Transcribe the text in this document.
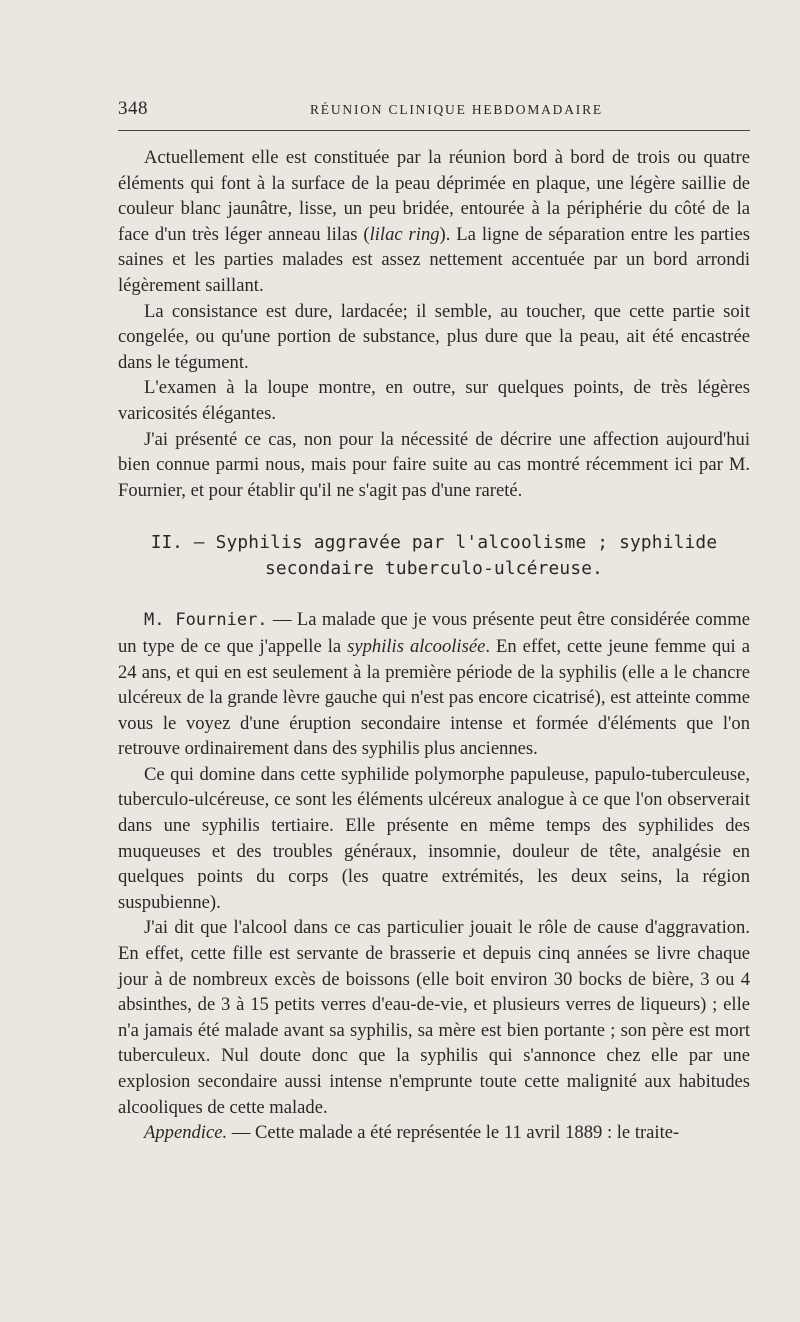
348	RÉUNION CLINIQUE HEBDOMADAIRE

Actuellement elle est constituée par la réunion bord à bord de trois ou quatre éléments qui font à la surface de la peau déprimée en plaque, une légère saillie de couleur blanc jaunâtre, lisse, un peu bridée, entourée à la périphérie du côté de la face d'un très léger anneau lilas (lilac ring). La ligne de séparation entre les parties saines et les parties malades est assez nettement accentuée par un bord arrondi légèrement saillant.

La consistance est dure, lardacée; il semble, au toucher, que cette partie soit congelée, ou qu'une portion de substance, plus dure que la peau, ait été encastrée dans le tégument.

L'examen à la loupe montre, en outre, sur quelques points, de très légères varicosités élégantes.

J'ai présenté ce cas, non pour la nécessité de décrire une affection aujourd'hui bien connue parmi nous, mais pour faire suite au cas montré récemment ici par M. Fournier, et pour établir qu'il ne s'agit pas d'une rareté.

II. — Syphilis aggravée par l'alcoolisme ; syphilide secondaire tuberculo-ulcéreuse.

M. Fournier. — La malade que je vous présente peut être considérée comme un type de ce que j'appelle la syphilis alcoolisée. En effet, cette jeune femme qui a 24 ans, et qui en est seulement à la première période de la syphilis (elle a le chancre ulcéreux de la grande lèvre gauche qui n'est pas encore cicatrisé), est atteinte comme vous le voyez d'une éruption secondaire intense et formée d'éléments que l'on retrouve ordinairement dans des syphilis plus anciennes.

Ce qui domine dans cette syphilide polymorphe papuleuse, papulo-tuberculeuse, tuberculo-ulcéreuse, ce sont les éléments ulcéreux analogue à ce que l'on observerait dans une syphilis tertiaire. Elle présente en même temps des syphilides des muqueuses et des troubles généraux, insomnie, douleur de tête, analgésie en quelques points du corps (les quatre extrémités, les deux seins, la région suspubienne).

J'ai dit que l'alcool dans ce cas particulier jouait le rôle de cause d'aggravation. En effet, cette fille est servante de brasserie et depuis cinq années se livre chaque jour à de nombreux excès de boissons (elle boit environ 30 bocks de bière, 3 ou 4 absinthes, de 3 à 15 petits verres d'eau-de-vie, et plusieurs verres de liqueurs) ; elle n'a jamais été malade avant sa syphilis, sa mère est bien portante ; son père est mort tuberculeux. Nul doute donc que la syphilis qui s'annonce chez elle par une explosion secondaire aussi intense n'emprunte toute cette malignité aux habitudes alcooliques de cette malade.

Appendice. — Cette malade a été représentée le 11 avril 1889 : le traite-
